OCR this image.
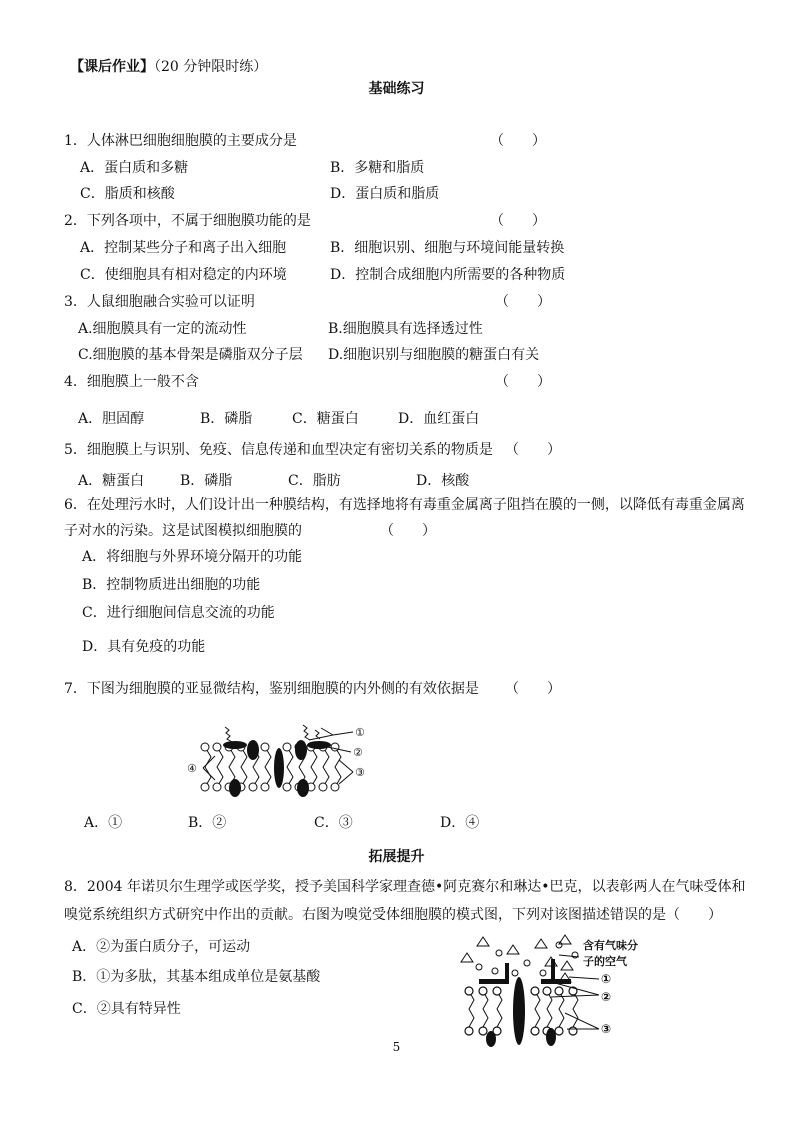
【课后作业】（20 分钟限时练）
基础练习
1．人体淋巴细胞细胞膜的主要成分是	（　　）
A．蛋白质和多糖	B．多糖和脂质
C．脂质和核酸	D．蛋白质和脂质
2．下列各项中，不属于细胞膜功能的是	（　　）
A．控制某些分子和离子出入细胞	B．细胞识别、细胞与环境间能量转换
C．使细胞具有相对稳定的内环境	D．控制合成细胞内所需要的各种物质
3．人鼠细胞融合实验可以证明	（　　）
A.细胞膜具有一定的流动性	B.细胞膜具有选择透过性
C.细胞膜的基本骨架是磷脂双分子层 D.细胞识别与细胞膜的糖蛋白有关
4．细胞膜上一般不含	（　　）
A．胆固醇	B．磷脂	C．糖蛋白	D．血红蛋白
5．细胞膜上与识别、免疫、信息传递和血型决定有密切关系的物质是 （　　）
A．糖蛋白	B．磷脂	C．脂肪	D．核酸
6．在处理污水时，人们设计出一种膜结构，有选择地将有毒重金属离子阻挡在膜的一侧，以降低有毒重金属离
子对水的污染。这是试图模拟细胞膜的	（　　）
A．将细胞与外界环境分隔开的功能
B．控制物质进出细胞的功能
C．进行细胞间信息交流的功能
D．具有免疫的功能
7．下图为细胞膜的亚显微结构，鉴别细胞膜的内外侧的有效依据是 （　　）
①
②
③
④
A．①	B．②	C．③	D．④
拓展提升
8．2004 年诺贝尔生理学或医学奖，授予美国科学家理查德•阿克赛尔和琳达•巴克，以表彰两人在气味受体和
嗅觉系统组织方式研究中作出的贡献。右图为嗅觉受体细胞膜的模式图，下列对该图描述错误的是（　　）
A．②为蛋白质分子，可运动
B．①为多肽，其基本组成单位是氨基酸
C．②具有特异性
含有气味分
子的空气
①
②
③
5
